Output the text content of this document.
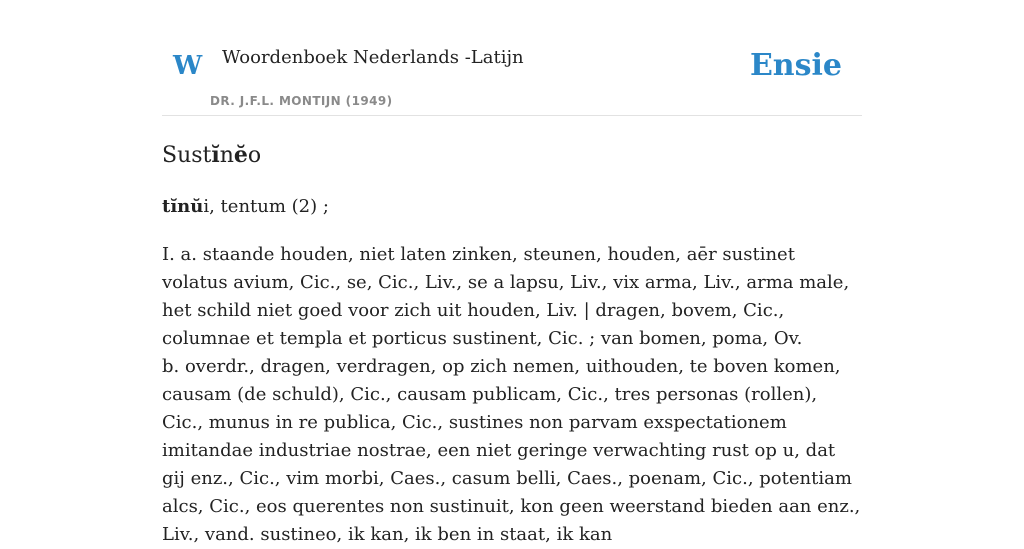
W Woordenboek Nederlands -Latijn
DR. J.F.L. MONTIJN (1949)
Ensie
Sustĭnĕo
tĭnŭi, tentum (2) ;

I. a. staande houden, niet laten zinken, steunen, houden, aēr sustinet volatus avium, Cic., se, Cic., Liv., se a lapsu, Liv., vix arma, Liv., arma male, het schild niet goed voor zich uit houden, Liv. | dragen, bovem, Cic., columnae et templa et porticus sustinent, Cic. ; van bomen, poma, Ov.

b. overdr., dragen, verdragen, op zich nemen, uithouden, te boven komen, causam (de schuld), Cic., causam publicam, Cic., tres personas (rollen), Cic., munus in re publica, Cic., sustines non parvam exspectationem imitandae industriae nostrae, een niet geringe verwachting rust op u, dat gij enz., Cic., vim morbi, Caes., casum belli, Caes., poenam, Cic., potentiam alcs, Cic., eos querentes non sustinuit, kon geen weerstand bieden aan enz., Liv., vand. sustineo, ik kan, ik ben in staat, ik kan
